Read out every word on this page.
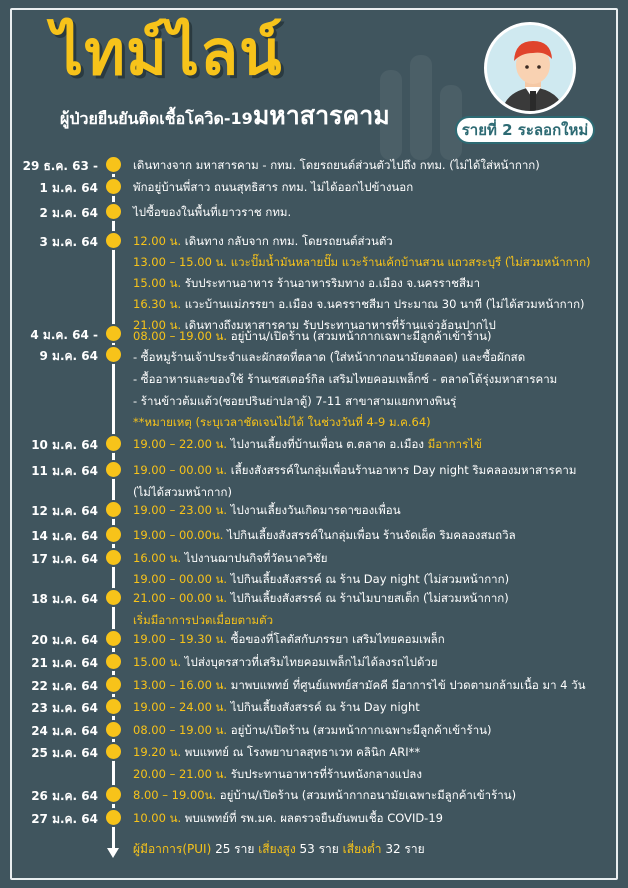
ไทม์ไลน์
ผู้ป่วยยืนยันติดเชื้อโควิด-19มหาสารคาม	รายที่ 2 ระลอกใหม่
29 ธ.ค. 63 -
1 ม.ค. 64
2 ม.ค. 64
3 ม.ค. 64
4 ม.ค. 64 -
9 ม.ค. 64
10 ม.ค. 64
11 ม.ค. 64
12 ม.ค. 64
14 ม.ค. 64
17 ม.ค. 64
18 ม.ค. 64
20 ม.ค. 64
21 ม.ค. 64
22 ม.ค. 64
23 ม.ค. 64
24 ม.ค. 64
25 ม.ค. 64
26 ม.ค. 64
27 ม.ค. 64
เดินทางจาก มหาสารคาม - กทม. โดยรถยนต์ส่วนตัวไปถึง กทม. (ไม่ได้ใส่หน้ากาก)
พักอยู่บ้านพี่สาว ถนนสุทธิสาร กทม. ไม่ได้ออกไปข้างนอก
ไปซื้อของในพื้นที่เยาวราช กทม.
12.00 น. เดินทาง กลับจาก กทม. โดยรถยนต์ส่วนตัว
13.00 – 15.00 น. แวะปั๊มน้ำมันหลายปั๊ม แวะร้านเค้กบ้านสวน แถวสระบุรี (ไม่สวมหน้ากาก)
15.00 น. รับประทานอาหาร ร้านอาหารริมทาง อ.เมือง จ.นครราชสีมา
16.30 น. แวะบ้านแม่ภรรยา อ.เมือง จ.นครราชสีมา ประมาณ 30 นาที (ไม่ได้สวมหน้ากาก)
21.00 น. เดินทางถึงมหาสารคาม รับประทานอาหารที่ร้านแจ่วฮ้อนปากไป
08.00 – 19.00 น. อยู่บ้าน/เปิดร้าน (สวมหน้ากากเฉพาะมีลูกค้าเข้าร้าน)
- ซื้อหมูร้านเจ้าประจำและผักสดที่ตลาด (ใส่หน้ากากอนามัยตลอด) และซื้อผักสด
- ซื้ออาหารและของใช้ ร้านเซสเตอร์กิล เสริมไทยคอมเพล็กซ์ - ตลาดโต้รุ่งมหาสารคาม
- ร้านข้าวต้มแต้ว(ซอยปรินย่าปลาตู้) 7-11 สาขาสามแยกทางพินรุ่
**หมายเหตุ (ระบุเวลาชัดเจนไม่ได้ ในช่วงวันที่ 4-9 ม.ค.64)
19.00 – 22.00 น. ไปงานเลี้ยงที่บ้านเพื่อน ต.ตลาด อ.เมือง มีอาการไข้
19.00 – 00.00 น. เลี้ยงสังสรรค์ในกลุ่มเพื่อนร้านอาหาร Day night ริมคลองมหาสารคาม
(ไม่ได้สวมหน้ากาก)
19.00 – 23.00 น. ไปงานเลี้ยงวันเกิดมารดาของเพื่อน
19.00 – 00.00น. ไปกินเลี้ยงสังสรรค์ในกลุ่มเพื่อน ร้านจัดเผ็ด ริมคลองสมถวิล
16.00 น. ไปงานฌาปนกิจที่วัดนาควิชัย
19.00 – 00.00 น. ไปกินเลี้ยงสังสรรค์ ณ ร้าน Day night (ไม่สวมหน้ากาก)
21.00 – 00.00 น. ไปกินเลี้ยงสังสรรค์ ณ ร้านไมบายสเต็ก (ไม่สวมหน้ากาก)
เริ่มมีอาการปวดเมื่อยตามตัว
19.00 – 19.30 น. ซื้อของที่โลตัสกับภรรยา เสริมไทยคอมเพล็ก
15.00 น. ไปส่งบุตรสาวที่เสริมไทยคอมเพล็กไม่ได้ลงรถไปด้วย
13.00 – 16.00 น. มาพบแพทย์ ที่ศูนย์แพทย์สามัคคี มีอาการไข้ ปวดตามกล้ามเนื้อ มา 4 วัน
19.00 – 24.00 น. ไปกินเลี้ยงสังสรรค์ ณ ร้าน Day night
08.00 – 19.00 น. อยู่บ้าน/เปิดร้าน (สวมหน้ากากเฉพาะมีลูกค้าเข้าร้าน)
19.20 น. พบแพทย์ ณ โรงพยาบาลสุทธาเวท คลินิก ARI**
20.00 – 21.00 น. รับประทานอาหารที่ร้านหนังกลางแปลง
8.00 – 19.00น. อยู่บ้าน/เปิดร้าน (สวมหน้ากากอนามัยเฉพาะมีลูกค้าเข้าร้าน)
10.00 น. พบแพทย์ที่ รพ.มค. ผลตรวจยืนยันพบเชื้อ COVID-19
ผู้มีอาการ(PUI) 25 ราย เสี่ยงสูง 53 ราย เสี่ยงต่ำ 32 ราย
